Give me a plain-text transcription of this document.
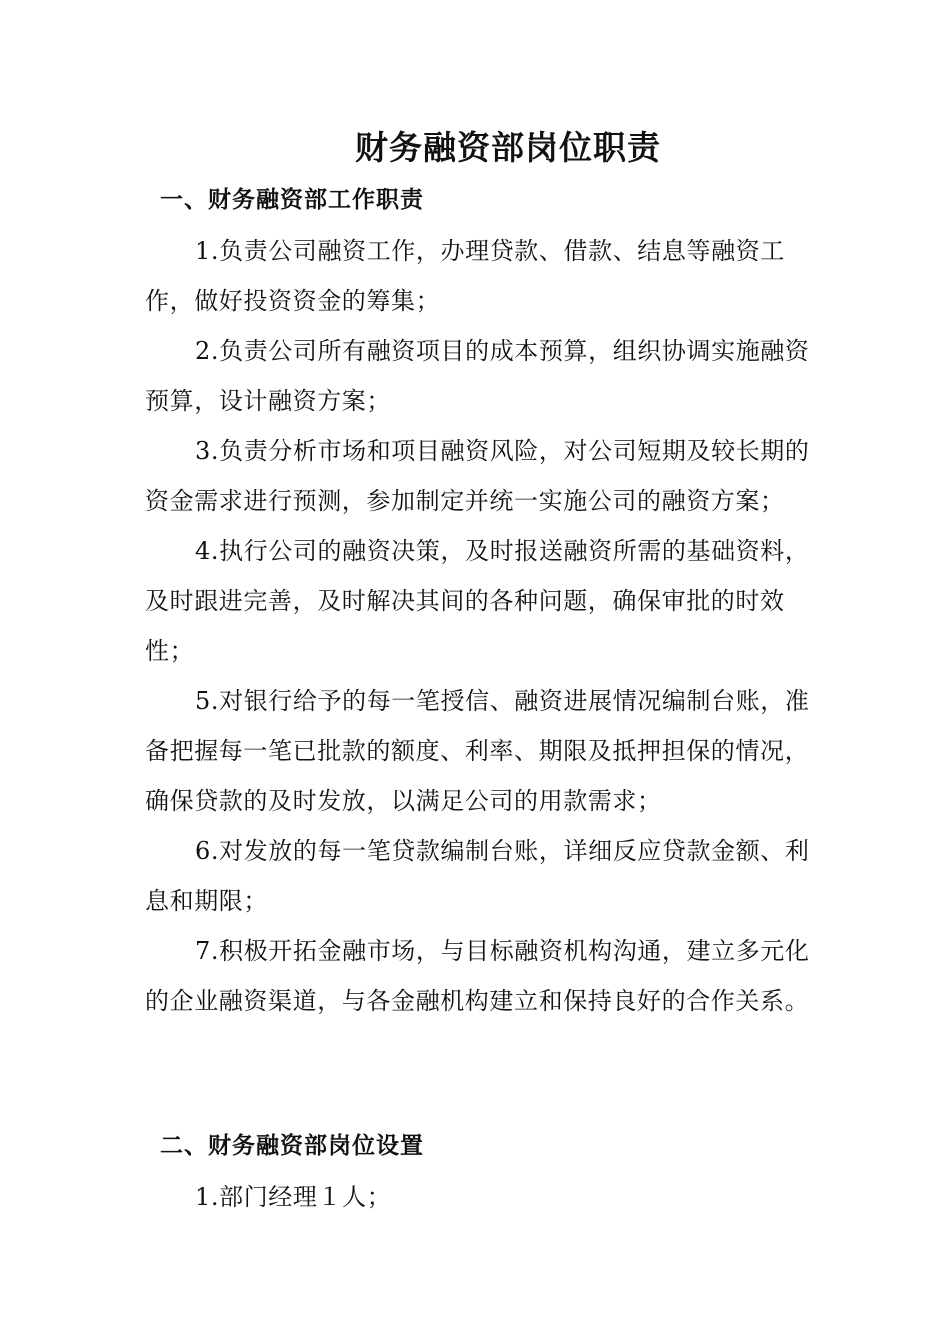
财务融资部岗位职责
一、财务融资部工作职责

1.负责公司融资工作，办理贷款、借款、结息等融资工作，做好投资资金的筹集；

2.负责公司所有融资项目的成本预算，组织协调实施融资预算，设计融资方案；

3.负责分析市场和项目融资风险，对公司短期及较长期的资金需求进行预测，参加制定并统一实施公司的融资方案；

4.执行公司的融资决策，及时报送融资所需的基础资料，及时跟进完善，及时解决其间的各种问题，确保审批的时效性；

5.对银行给予的每一笔授信、融资进展情况编制台账，准备把握每一笔已批款的额度、利率、期限及抵押担保的情况，确保贷款的及时发放，以满足公司的用款需求；

6.对发放的每一笔贷款编制台账，详细反应贷款金额、利息和期限；

7.积极开拓金融市场，与目标融资机构沟通，建立多元化的企业融资渠道，与各金融机构建立和保持良好的合作关系。

二、财务融资部岗位设置

1.部门经理１人；
